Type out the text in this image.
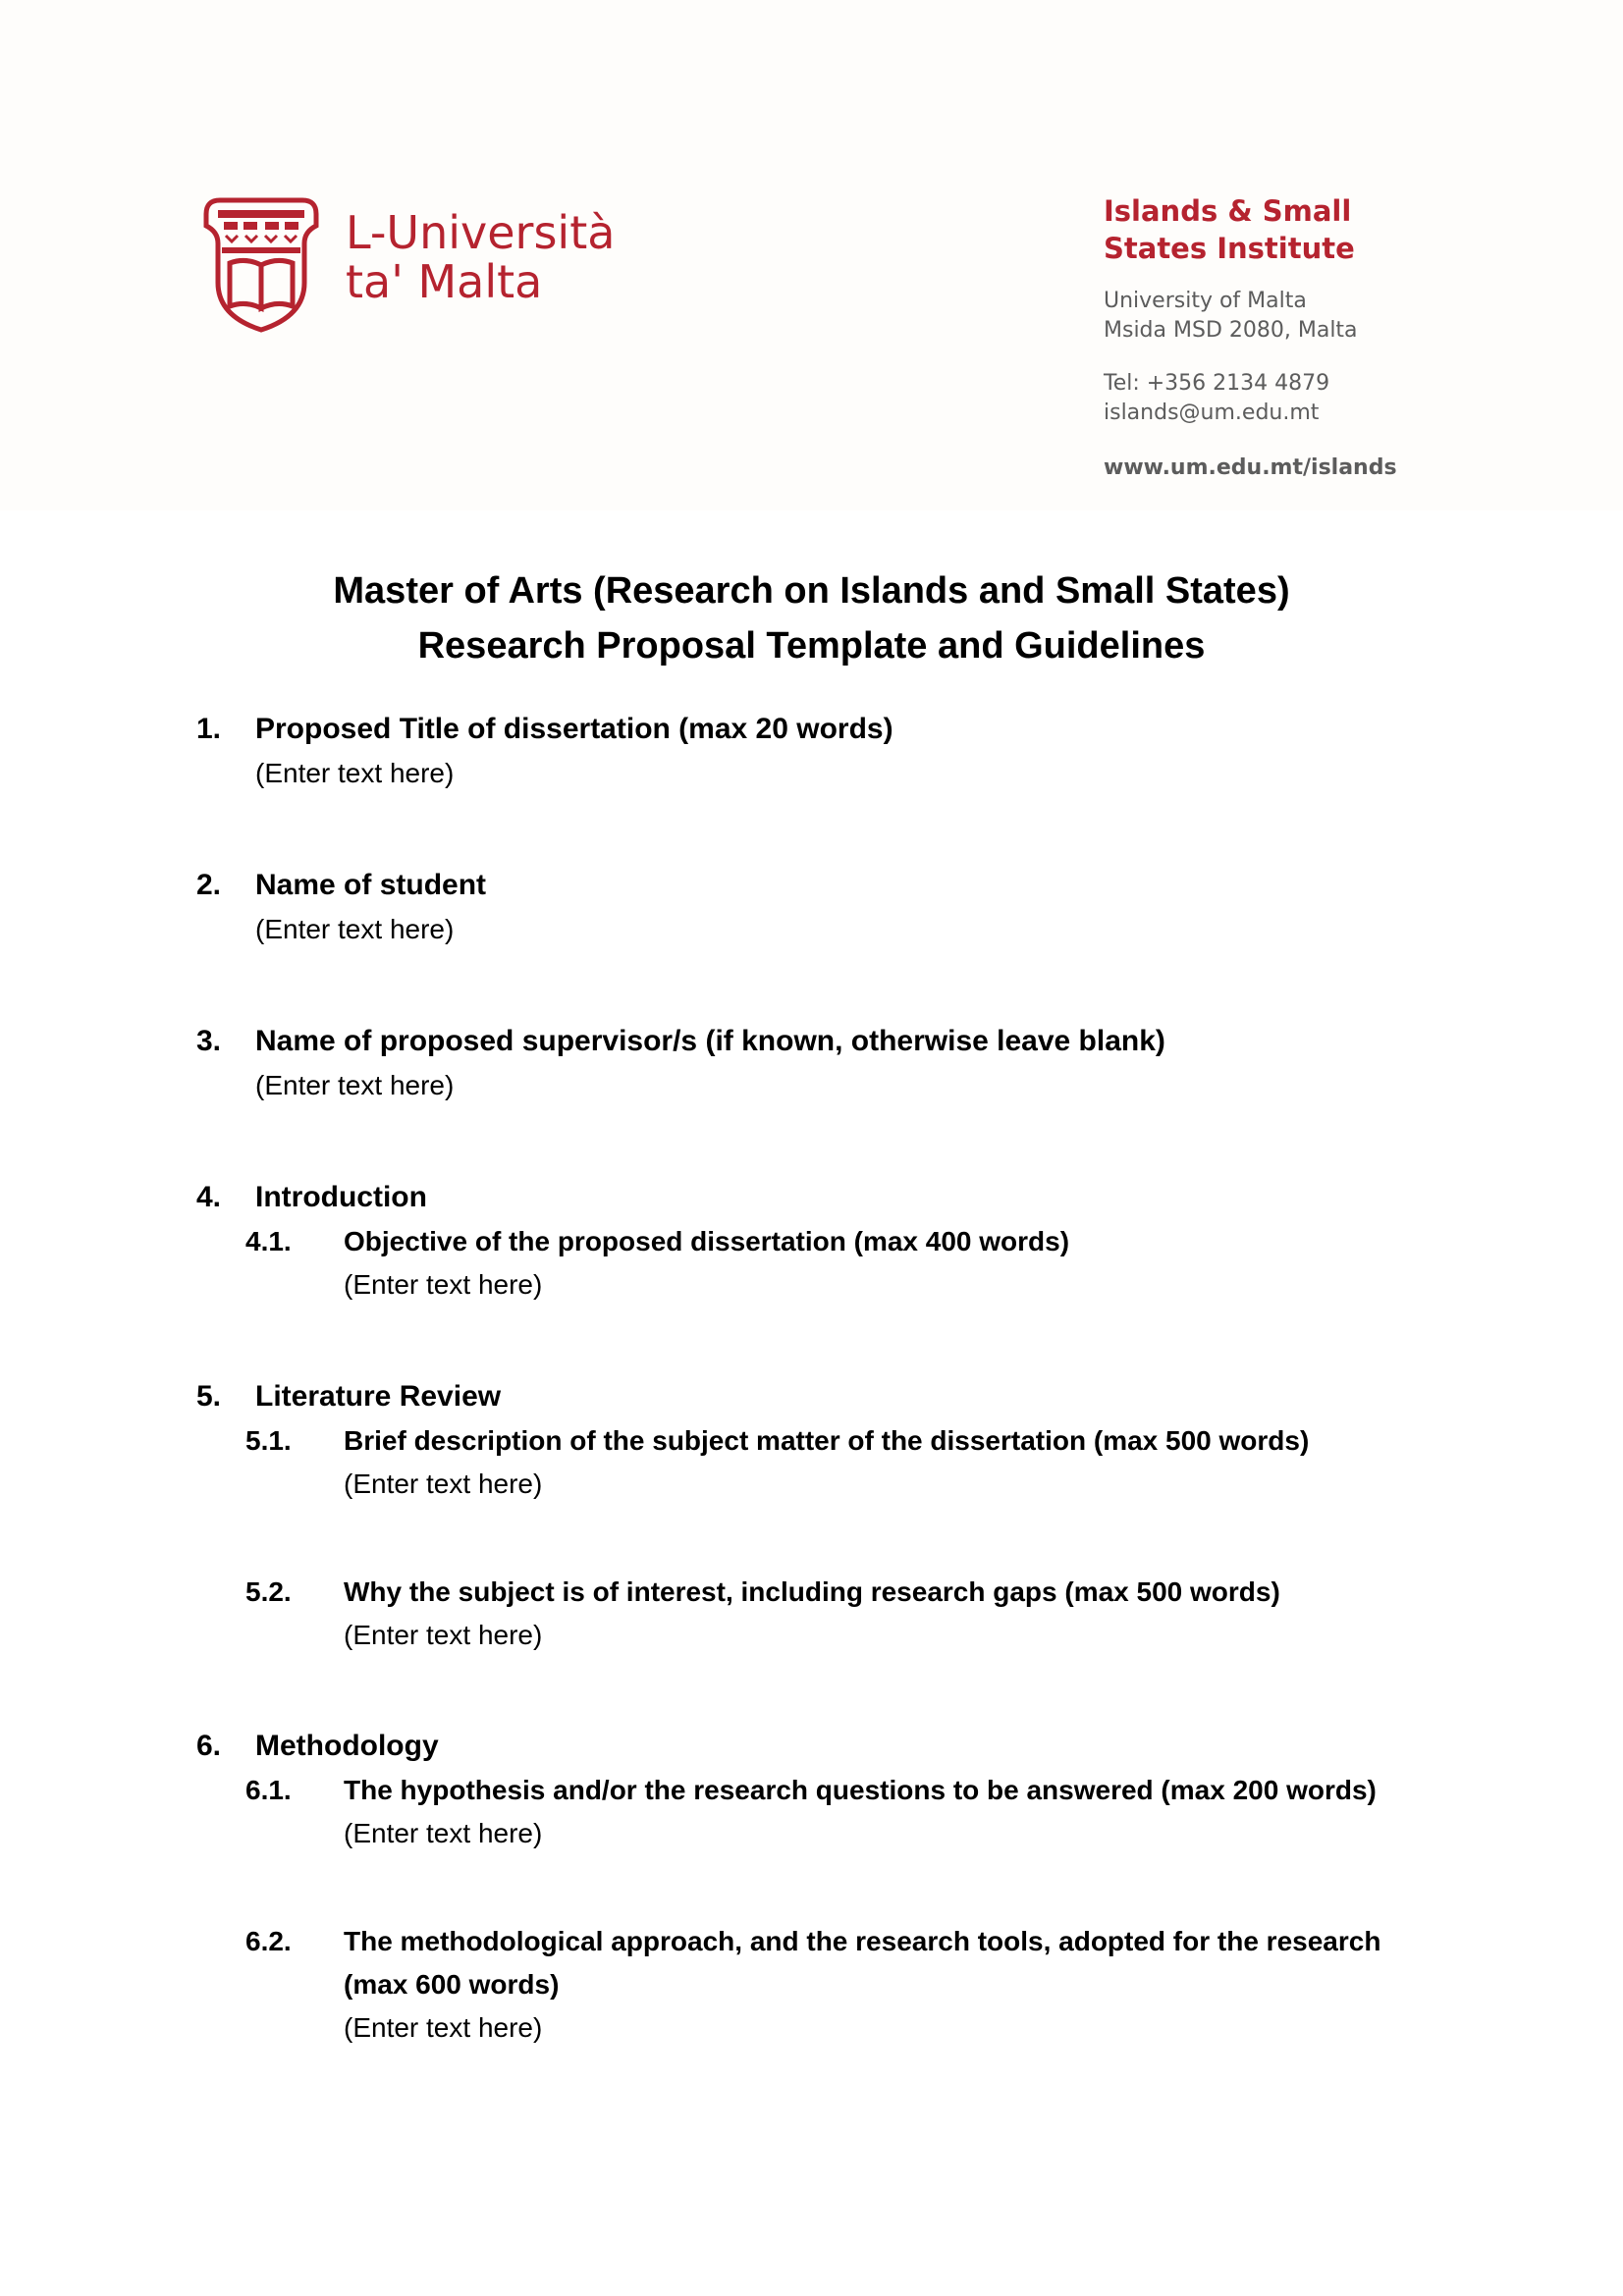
L-Università
ta' Malta
Islands & Small
States Institute
University of Malta
Msida MSD 2080, Malta
Tel: +356 2134 4879
islands@um.edu.mt
www.um.edu.mt/islands
Master of Arts (Research on Islands and Small States)
Research Proposal Template and Guidelines
1. Proposed Title of dissertation (max 20 words)
(Enter text here)
2. Name of student
(Enter text here)
3. Name of proposed supervisor/s (if known, otherwise leave blank)
(Enter text here)
4. Introduction
4.1. Objective of the proposed dissertation (max 400 words)
(Enter text here)
5. Literature Review
5.1. Brief description of the subject matter of the dissertation (max 500 words)
(Enter text here)
5.2. Why the subject is of interest, including research gaps (max 500 words)
(Enter text here)
6. Methodology
6.1. The hypothesis and/or the research questions to be answered (max 200 words)
(Enter text here)
6.2. The methodological approach, and the research tools, adopted for the research (max 600 words)
(Enter text here)
